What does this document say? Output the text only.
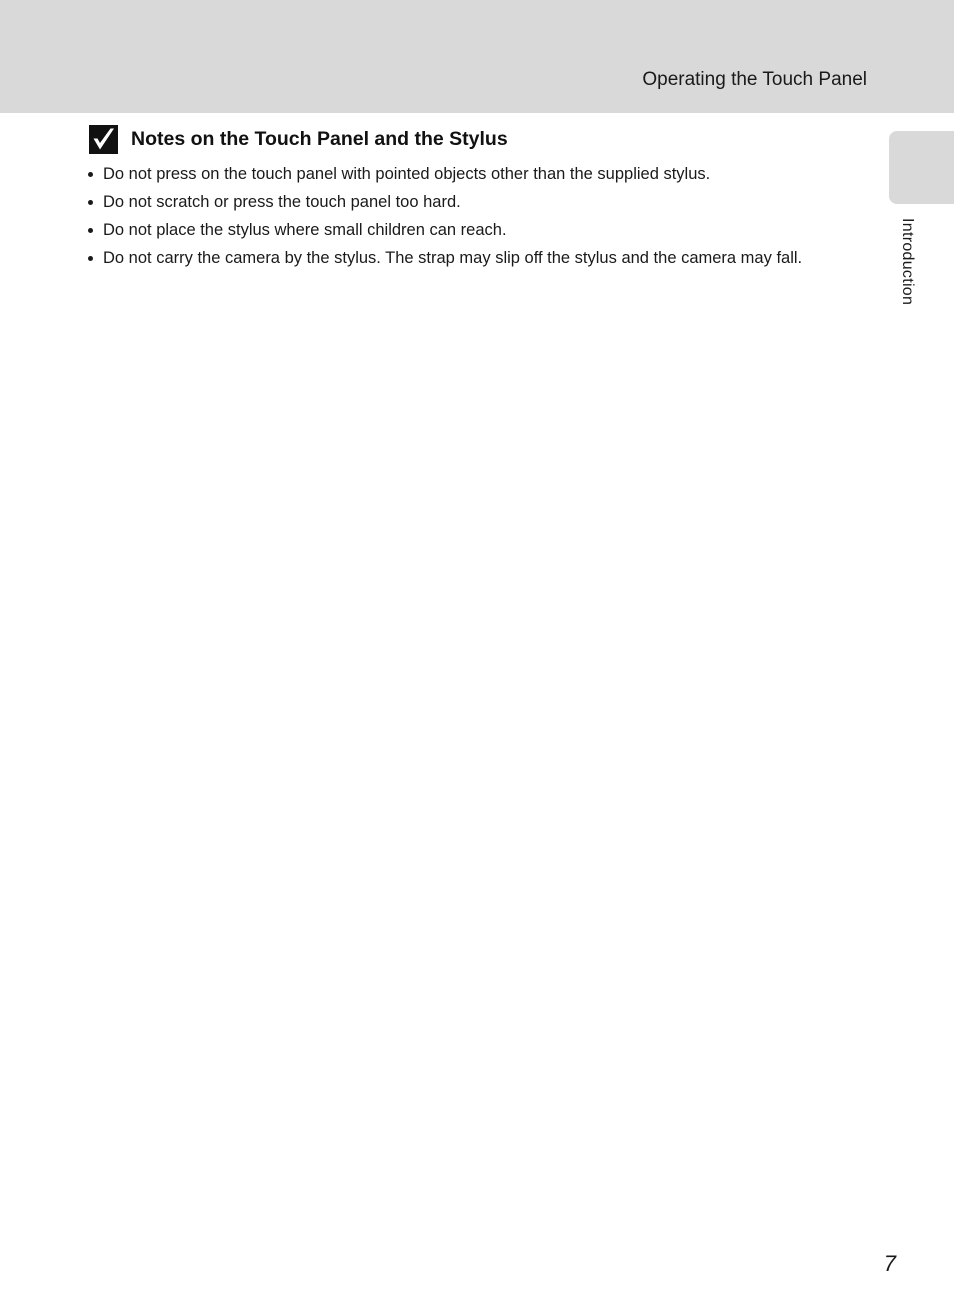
Operating the Touch Panel
Introduction
Notes on the Touch Panel and the Stylus
Do not press on the touch panel with pointed objects other than the supplied stylus.
Do not scratch or press the touch panel too hard.
Do not place the stylus where small children can reach.
Do not carry the camera by the stylus. The strap may slip off the stylus and the camera may fall.
7
